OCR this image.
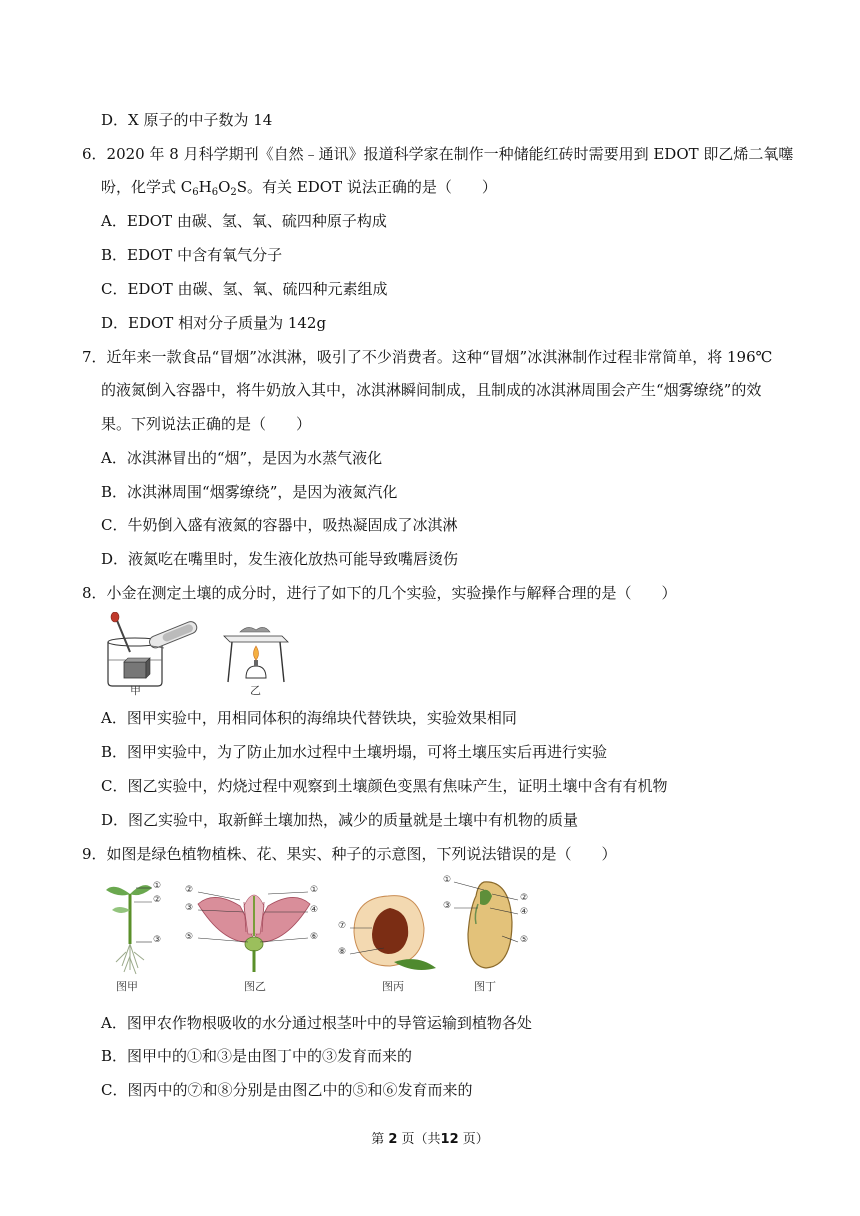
D．X 原子的中子数为 14
6．2020 年 8 月科学期刊《自然﹣通讯》报道科学家在制作一种储能红砖时需要用到 EDOT 即乙烯二氧噻
吩，化学式 $C_6H_6O_2S$。有关 EDOT 说法正确的是（　　）
A．EDOT 由碳、氢、氧、硫四种原子构成
B．EDOT 中含有氧气分子
C．EDOT 由碳、氢、氧、硫四种元素组成
D．EDOT 相对分子质量为 142g
7．近年来一款食品“冒烟”冰淇淋，吸引了不少消费者。这种“冒烟”冰淇淋制作过程非常简单，将 196℃
的液氮倒入容器中，将牛奶放入其中，冰淇淋瞬间制成，且制成的冰淇淋周围会产生“烟雾缭绕”的效
果。下列说法正确的是（　　）
A．冰淇淋冒出的“烟”，是因为水蒸气液化
B．冰淇淋周围“烟雾缭绕”，是因为液氮汽化
C．牛奶倒入盛有液氮的容器中，吸热凝固成了冰淇淋
D．液氮吃在嘴里时，发生液化放热可能导致嘴唇烫伤
8．小金在测定土壤的成分时，进行了如下的几个实验，实验操作与解释合理的是（　　）
甲	乙
A．图甲实验中，用相同体积的海绵块代替铁块，实验效果相同
B．图甲实验中，为了防止加水过程中土壤坍塌，可将土壤压实后再进行实验
C．图乙实验中，灼烧过程中观察到土壤颜色变黑有焦味产生，证明土壤中含有有机物
D．图乙实验中，取新鲜土壤加热，减少的质量就是土壤中有机物的质量
9．如图是绿色植物植株、花、果实、种子的示意图，下列说法错误的是（　　）
①
②
③
图甲
②
③
⑤
①
④
⑥
图乙
⑦
⑧
图丙
①
③
②
④
⑤
图丁
A．图甲农作物根吸收的水分通过根茎叶中的导管运输到植物各处
B．图甲中的①和③是由图丁中的③发育而来的
C．图丙中的⑦和⑧分别是由图乙中的⑤和⑥发育而来的
第 2 页（共12 页）
